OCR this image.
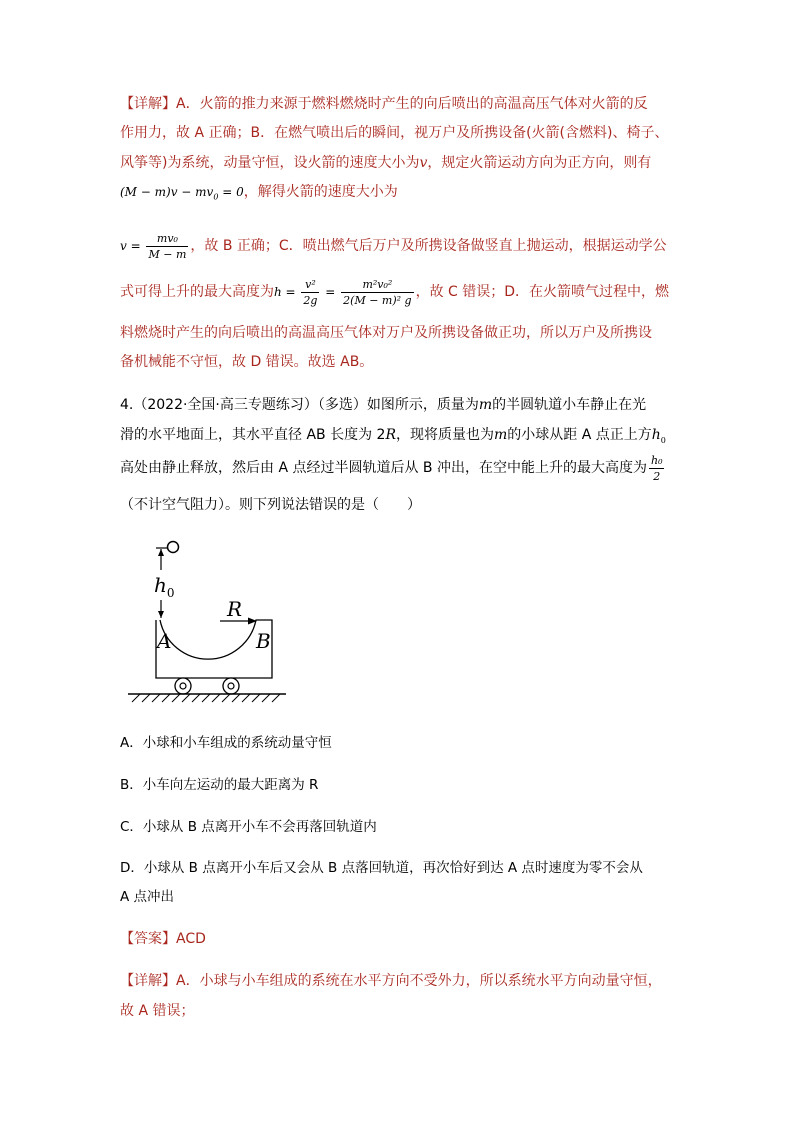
【详解】A．火箭的推力来源于燃料燃烧时产生的向后喷出的高温高压气体对火箭的反
作用力，故 A 正确；B．在燃气喷出后的瞬间，视万户及所携设备(火箭(含燃料)、椅子、
风筝等)为系统，动量守恒，设火箭的速度大小为v，规定火箭运动方向为正方向，则有
$(M - m)v - mv_0 = 0$，解得火箭的速度大小为
$v = \frac{\text{mv₀}}{M - m}$ ，故 B 正确；C．喷出燃气后万户及所携设备做竖直上抛运动，根据运动学公
式可得上升的最大高度为$h = \frac{\text{v²}}{2g} = \frac{\text{m²v₀²}}{\text{2(M − m)² g}}$ ，故 C 错误；D．在火箭喷气过程中，燃
料燃烧时产生的向后喷出的高温高压气体对万户及所携设备做正功，所以万户及所携设
备机械能不守恒，故 D 错误。故选 AB。
4.（2022·全国·高三专题练习）（多选）如图所示，质量为m的半圆轨道小车静止在光
滑的水平地面上，其水平直径 AB 长度为 2R，现将质量也为m的小球从距 A 点正上方$h_0$
高处由静止释放，然后由 A 点经过半圆轨道后从 B 冲出，在空中能上升的最大高度为 $\frac{\text{h₀}}{2}$
（不计空气阻力）。则下列说法错误的是（　　）
$h_0$
R
A	B
A．小球和小车组成的系统动量守恒
B．小车向左运动的最大距离为 R
C．小球从 B 点离开小车不会再落回轨道内
D．小球从 B 点离开小车后又会从 B 点落回轨道，再次恰好到达 A 点时速度为零不会从
A 点冲出
【答案】ACD
【详解】A．小球与小车组成的系统在水平方向不受外力，所以系统水平方向动量守恒，
故 A 错误；
